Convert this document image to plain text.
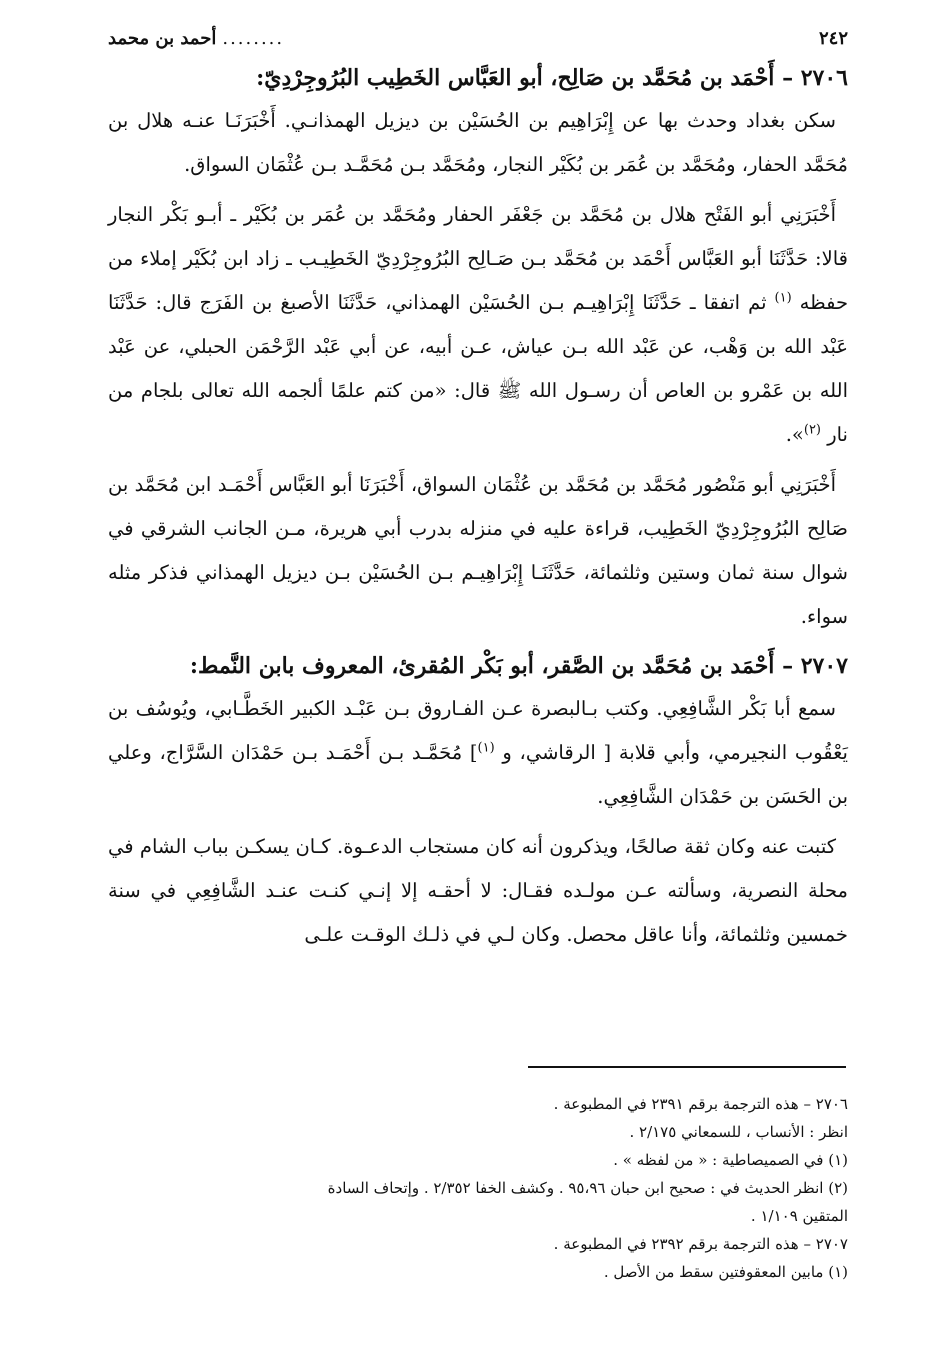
٢٤٢
........
أحمد بن محمد
٢٧٠٦ – أَحْمَد بن مُحَمَّد بن صَالِح، أبو العَبَّاس الخَطِيب البُرُوجِرْدِيّ:

سكن بغداد وحدث بها عن إِبْرَاهِيم بن الحُسَيْن بن ديزيل الهمذانـي. أَخْبَرَنَـا عنـه هلال بن مُحَمَّد الحفار، ومُحَمَّد بن عُمَر بن بُكَيْر النجار، ومُحَمَّد بـن مُحَمَّـد بـن عُثْمَان السواق.

أَخْبَرَنِي أبو الفَتْح هلال بن مُحَمَّد بن جَعْفَر الحفار ومُحَمَّد بن عُمَر بن بُكَيْر ـ أبـو بَكْر النجار قالا: حَدَّثَنَا أبو العَبَّاس أَحْمَد بن مُحَمَّد بـن صَـالِح البُرُوجِرْدِيّ الخَطِيـب ـ زاد ابن بُكَيْر إملاء من حفظه $^{(١)}$ ثم اتفقا ـ حَدَّثَنَا إِبْرَاهِيـم بـن الحُسَيْن الهمذاني، حَدَّثَنَا الأصبغ بن الفَرَج قال: حَدَّثَنَا عَبْد الله بن وَهْب، عن عَبْد الله بـن عياش، عـن أبيه، عن أبي عَبْد الرَّحْمَن الحبلي، عن عَبْد الله بن عَمْرو بن العاص أن رسـول الله ﷺ قال: «من كتم علمًا ألجمه الله تعالى بلجام من نار $^{(٢)}$».

أَخْبَرَنِي أبو مَنْصُور مُحَمَّد بن مُحَمَّد بن عُثْمَان السواق، أَخْبَرَنَا أبو العَبَّاس أَحْمَـد ابن مُحَمَّد بن صَالِح البُرُوجِرْدِيّ الخَطِيب، قراءة عليه في منزله بدرب أبي هريرة، مـن الجانب الشرقي في شوال سنة ثمان وستين وثلثمائة، حَدَّثَنَـا إِبْرَاهِيـم بـن الحُسَيْن بـن ديزيل الهمذاني فذكر مثله سواء.

٢٧٠٧ – أَحْمَد بن مُحَمَّد بن الصَّقر، أبو بَكْر المُقرئ، المعروف بابن النَّمط:

سمع أبا بَكْر الشَّافِعِي. وكتب بـالبصرة عـن الفـاروق بـن عَبْـد الكبير الخَطَّـابي، ويُوسُف بن يَعْقُوب النجيرمي، وأبي قلابة [ الرقاشي، و $^{(١)}$] مُحَمَّـد بـن أَحْمَـد بـن حَمْدَان السَّرَّاج، وعلي بن الحَسَن بن حَمْدَان الشَّافِعِي.

كتبت عنه وكان ثقة صالحًا، ويذكرون أنه كان مستجاب الدعـوة. كـان يسكـن بباب الشام في محلة النصرية، وسألته عـن مولـده فقـال: لا أحقـه إلا إنـي كنـت عنـد الشَّافِعِي في سنة خمسين وثلثمائة، وأنا عاقل محصل. وكان لـي في ذلـك الوقـت علـى

٢٧٠٦ – هذه الترجمة برقم ٢٣٩١ في المطبوعة .

انظر : الأنساب ، للسمعاني ٢/١٧٥ .

(١) في الصميصاطية : « من لفظه » .

(٢) انظر الحديث في : صحيح ابن حبان ٩٥،٩٦ . وكشف الخفا ٢/٣٥٢ . وإتحاف السادة

المتقين ١/١٠٩ .

٢٧٠٧ – هذه الترجمة برقم ٢٣٩٢ في المطبوعة .

(١) مابين المعقوفتين سقط من الأصل .
